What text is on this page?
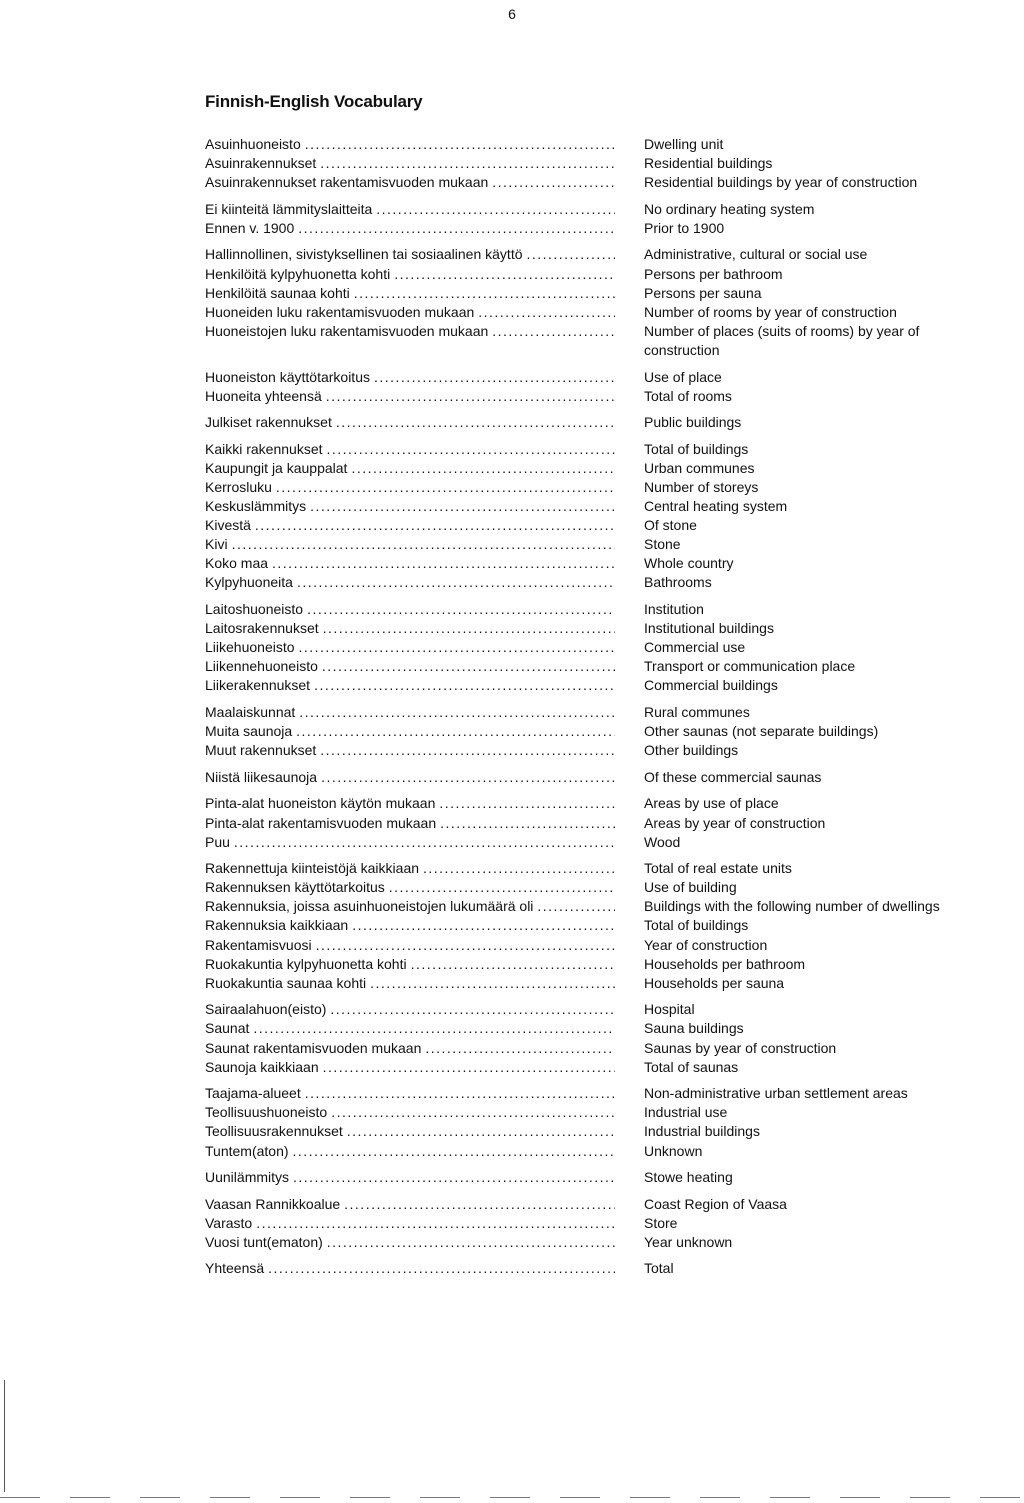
6
Finnish-English Vocabulary
Asuinhuoneisto . . .	Dwelling unit
Asuinrakennukset . . .	Residential buildings
Asuinrakennukset rakentamisvuoden mukaan . . .	Residential buildings by year of construction
Ei kiinteitä lämmityslaitteita . . .	No ordinary heating system
Ennen v. 1900 . . .	Prior to 1900
Hallinnollinen, sivistyksellinen tai sosiaalinen käyttö . . .	Administrative, cultural or social use
Henkilöitä kylpyhuonetta kohti . . .	Persons per bathroom
Henkilöitä saunaa kohti . . .	Persons per sauna
Huoneiden luku rakentamisvuoden mukaan . . .	Number of rooms by year of construction
Huoneistojen luku rakentamisvuoden mukaan . . .	Number of places (suits of rooms) by year of construction
Huoneiston käyttötarkoitus . . .	Use of place
Huoneita yhteensä . . .	Total of rooms
Julkiset rakennukset . . .	Public buildings
Kaikki rakennukset . . .	Total of buildings
Kaupungit ja kauppalat . . .	Urban communes
Kerrosluku . . .	Number of storeys
Keskuslämmitys . . .	Central heating system
Kivestä . . .	Of stone
Kivi . . .	Stone
Koko maa . . .	Whole country
Kylpyhuoneita . . .	Bathrooms
Laitoshuoneisto . . .	Institution
Laitosrakennukset . . .	Institutional buildings
Liikehuoneisto . . .	Commercial use
Liikennehuoneisto . . .	Transport or communication place
Liikerakennukset . . .	Commercial buildings
Maalaiskunnat . . .	Rural communes
Muita saunoja . . .	Other saunas (not separate buildings)
Muut rakennukset . . .	Other buildings
Niistä liikesaunoja . . .	Of these commercial saunas
Pinta-alat huoneiston käytön mukaan . . .	Areas by use of place
Pinta-alat rakentamisvuoden mukaan . . .	Areas by year of construction
Puu . . .	Wood
Rakennettuja kiinteistöjä kaikkiaan . . .	Total of real estate units
Rakennuksen käyttötarkoitus . . .	Use of building
Rakennuksia, joissa asuinhuoneistojen lukumäärä oli . . .	Buildings with the following number of dwellings
Rakennuksia kaikkiaan . . .	Total of buildings
Rakentamisvuosi . . .	Year of construction
Ruokakuntia kylpyhuonetta kohti . . .	Households per bathroom
Ruokakuntia saunaa kohti . . .	Households per sauna
Sairaalahuon(eisto) . . .	Hospital
Saunat . . .	Sauna buildings
Saunat rakentamisvuoden mukaan . . .	Saunas by year of construction
Saunoja kaikkiaan . . .	Total of saunas
Taajama-alueet . . .	Non-administrative urban settlement areas
Teollisuushuoneisto . . .	Industrial use
Teollisuusrakennukset . . .	Industrial buildings
Tuntem(aton) . . .	Unknown
Uunilämmitys . . .	Stowe heating
Vaasan Rannikkoalue . . .	Coast Region of Vaasa
Varasto . . .	Store
Vuosi tunt(ematon) . . .	Year unknown
Yhteensä . . .	Total
